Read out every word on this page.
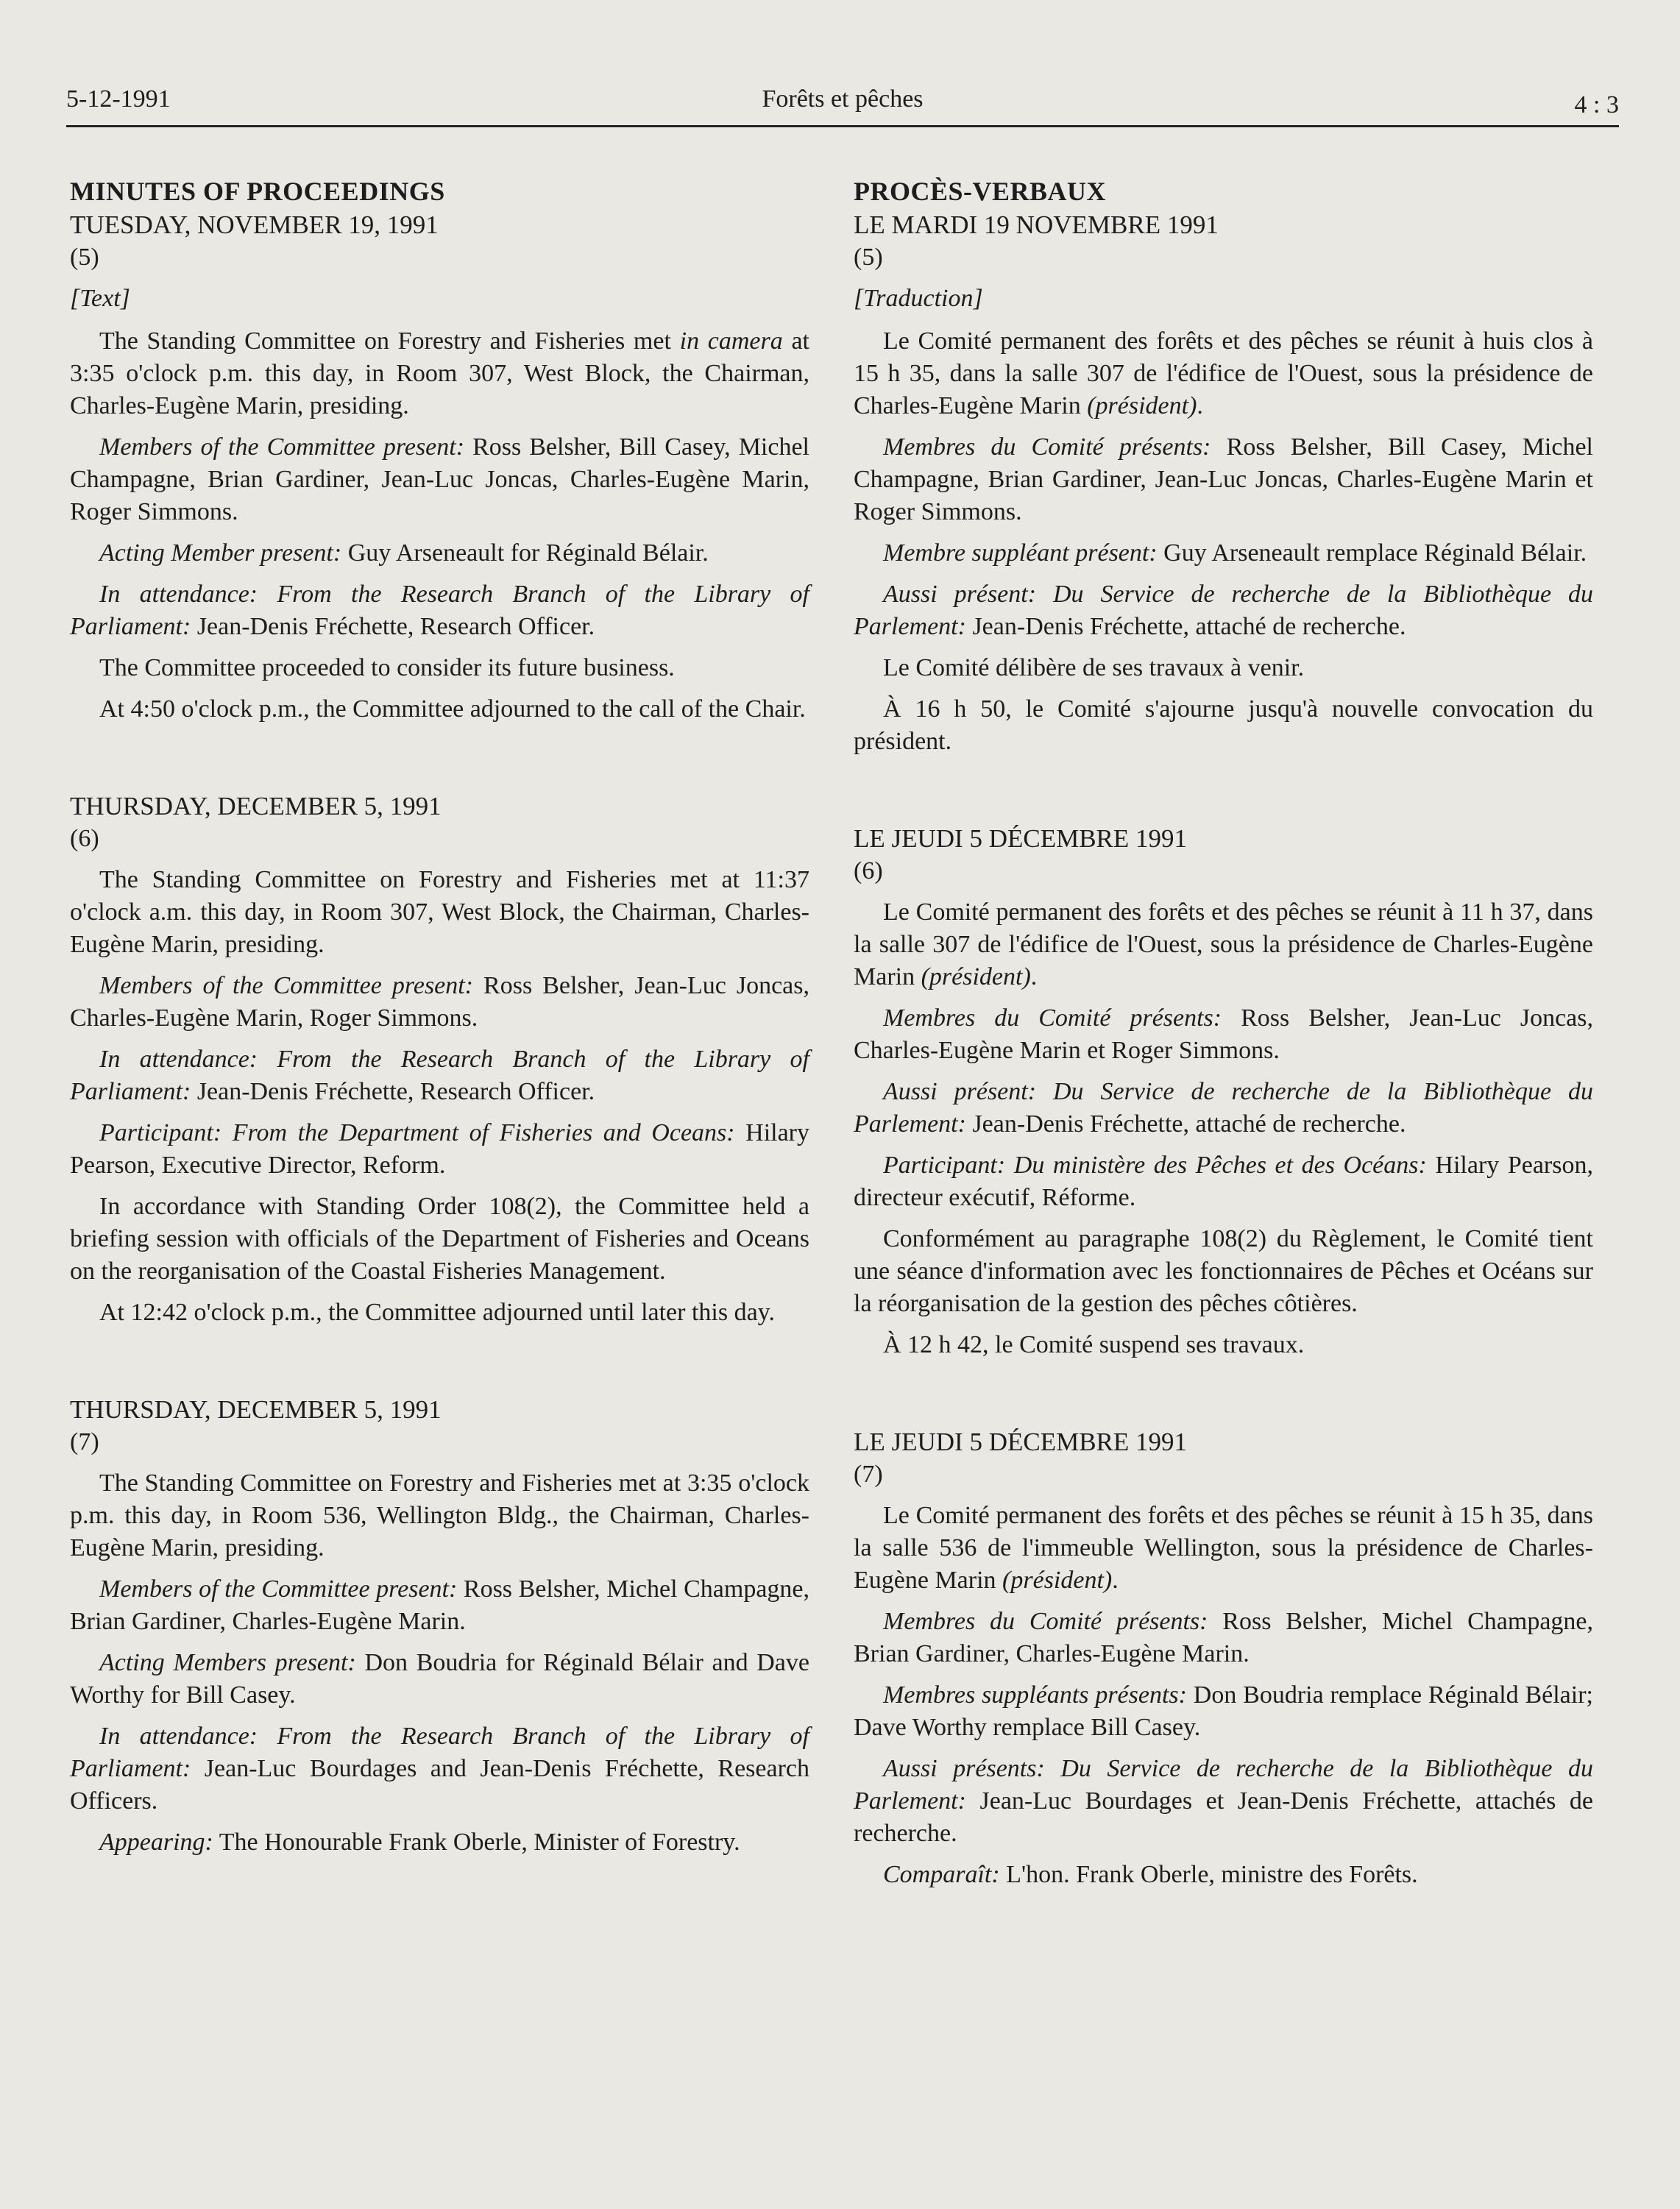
5-12-1991	Forêts et pêches	4 : 3
MINUTES OF PROCEEDINGS
TUESDAY, NOVEMBER 19, 1991
(5)
[Text]

The Standing Committee on Forestry and Fisheries met in camera at 3:35 o'clock p.m. this day, in Room 307, West Block, the Chairman, Charles-Eugène Marin, presiding.

Members of the Committee present: Ross Belsher, Bill Casey, Michel Champagne, Brian Gardiner, Jean-Luc Joncas, Charles-Eugène Marin, Roger Simmons.

Acting Member present: Guy Arseneault for Réginald Bélair.

In attendance: From the Research Branch of the Library of Parliament: Jean-Denis Fréchette, Research Officer.

The Committee proceeded to consider its future business.

At 4:50 o'clock p.m., the Committee adjourned to the call of the Chair.

THURSDAY, DECEMBER 5, 1991
(6)

The Standing Committee on Forestry and Fisheries met at 11:37 o'clock a.m. this day, in Room 307, West Block, the Chairman, Charles-Eugène Marin, presiding.

Members of the Committee present: Ross Belsher, Jean-Luc Joncas, Charles-Eugène Marin, Roger Simmons.

In attendance: From the Research Branch of the Library of Parliament: Jean-Denis Fréchette, Research Officer.

Participant: From the Department of Fisheries and Oceans: Hilary Pearson, Executive Director, Reform.

In accordance with Standing Order 108(2), the Committee held a briefing session with officials of the Department of Fisheries and Oceans on the reorganisation of the Coastal Fisheries Management.

At 12:42 o'clock p.m., the Committee adjourned until later this day.

THURSDAY, DECEMBER 5, 1991
(7)

The Standing Committee on Forestry and Fisheries met at 3:35 o'clock p.m. this day, in Room 536, Wellington Bldg., the Chairman, Charles-Eugène Marin, presiding.

Members of the Committee present: Ross Belsher, Michel Champagne, Brian Gardiner, Charles-Eugène Marin.

Acting Members present: Don Boudria for Réginald Bélair and Dave Worthy for Bill Casey.

In attendance: From the Research Branch of the Library of Parliament: Jean-Luc Bourdages and Jean-Denis Fréchette, Research Officers.

Appearing: The Honourable Frank Oberle, Minister of Forestry.

PROCÈS-VERBAUX
LE MARDI 19 NOVEMBRE 1991
(5)
[Traduction]

Le Comité permanent des forêts et des pêches se réunit à huis clos à 15 h 35, dans la salle 307 de l'édifice de l'Ouest, sous la présidence de Charles-Eugène Marin (président).

Membres du Comité présents: Ross Belsher, Bill Casey, Michel Champagne, Brian Gardiner, Jean-Luc Joncas, Charles-Eugène Marin et Roger Simmons.

Membre suppléant présent: Guy Arseneault remplace Réginald Bélair.

Aussi présent: Du Service de recherche de la Bibliothèque du Parlement: Jean-Denis Fréchette, attaché de recherche.

Le Comité délibère de ses travaux à venir.

À 16 h 50, le Comité s'ajourne jusqu'à nouvelle convocation du président.

LE JEUDI 5 DÉCEMBRE 1991
(6)

Le Comité permanent des forêts et des pêches se réunit à 11 h 37, dans la salle 307 de l'édifice de l'Ouest, sous la présidence de Charles-Eugène Marin (président).

Membres du Comité présents: Ross Belsher, Jean-Luc Joncas, Charles-Eugène Marin et Roger Simmons.

Aussi présent: Du Service de recherche de la Bibliothèque du Parlement: Jean-Denis Fréchette, attaché de recherche.

Participant: Du ministère des Pêches et des Océans: Hilary Pearson, directeur exécutif, Réforme.

Conformément au paragraphe 108(2) du Règlement, le Comité tient une séance d'information avec les fonctionnaires de Pêches et Océans sur la réorganisation de la gestion des pêches côtières.

À 12 h 42, le Comité suspend ses travaux.

LE JEUDI 5 DÉCEMBRE 1991
(7)

Le Comité permanent des forêts et des pêches se réunit à 15 h 35, dans la salle 536 de l'immeuble Wellington, sous la présidence de Charles-Eugène Marin (président).

Membres du Comité présents: Ross Belsher, Michel Champagne, Brian Gardiner, Charles-Eugène Marin.

Membres suppléants présents: Don Boudria remplace Réginald Bélair; Dave Worthy remplace Bill Casey.

Aussi présents: Du Service de recherche de la Bibliothèque du Parlement: Jean-Luc Bourdages et Jean-Denis Fréchette, attachés de recherche.

Comparaît: L'hon. Frank Oberle, ministre des Forêts.
